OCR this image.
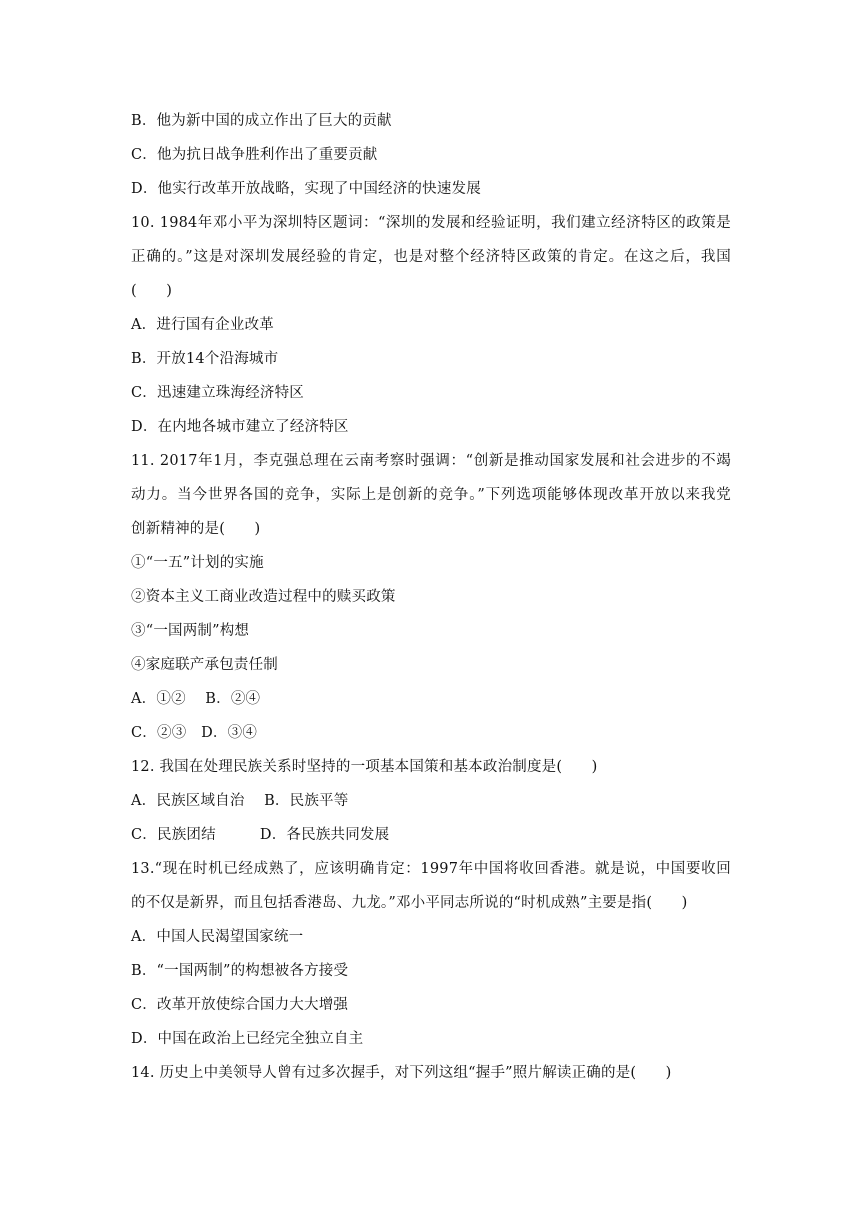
B．他为新中国的成立作出了巨大的贡献
C．他为抗日战争胜利作出了重要贡献
D．他实行改革开放战略，实现了中国经济的快速发展
10. 1984年邓小平为深圳特区题词：“深圳的发展和经验证明，我们建立经济特区的政策是
正确的。”这是对深圳发展经验的肯定，也是对整个经济特区政策的肯定。在这之后，我国
(　　)
A．进行国有企业改革
B．开放14个沿海城市
C．迅速建立珠海经济特区
D．在内地各城市建立了经济特区
11. 2017年1月，李克强总理在云南考察时强调：“创新是推动国家发展和社会进步的不竭
动力。当今世界各国的竞争，实际上是创新的竞争。”下列选项能够体现改革开放以来我党
创新精神的是(　　)
①“一五”计划的实施
②资本主义工商业改造过程中的赎买政策
③“一国两制”构想
④家庭联产承包责任制
A．①②　 B．②④
C．②③　D．③④
12. 我国在处理民族关系时坚持的一项基本国策和基本政治制度是(　　)
A．民族区域自治　 B．民族平等
C．民族团结　　　D．各民族共同发展
13.“现在时机已经成熟了，应该明确肯定：1997年中国将收回香港。就是说，中国要收回
的不仅是新界，而且包括香港岛、九龙。”邓小平同志所说的“时机成熟”主要是指(　　)
A．中国人民渴望国家统一
B．“一国两制”的构想被各方接受
C．改革开放使综合国力大大增强
D．中国在政治上已经完全独立自主
14. 历史上中美领导人曾有过多次握手，对下列这组“握手”照片解读正确的是(　　)
